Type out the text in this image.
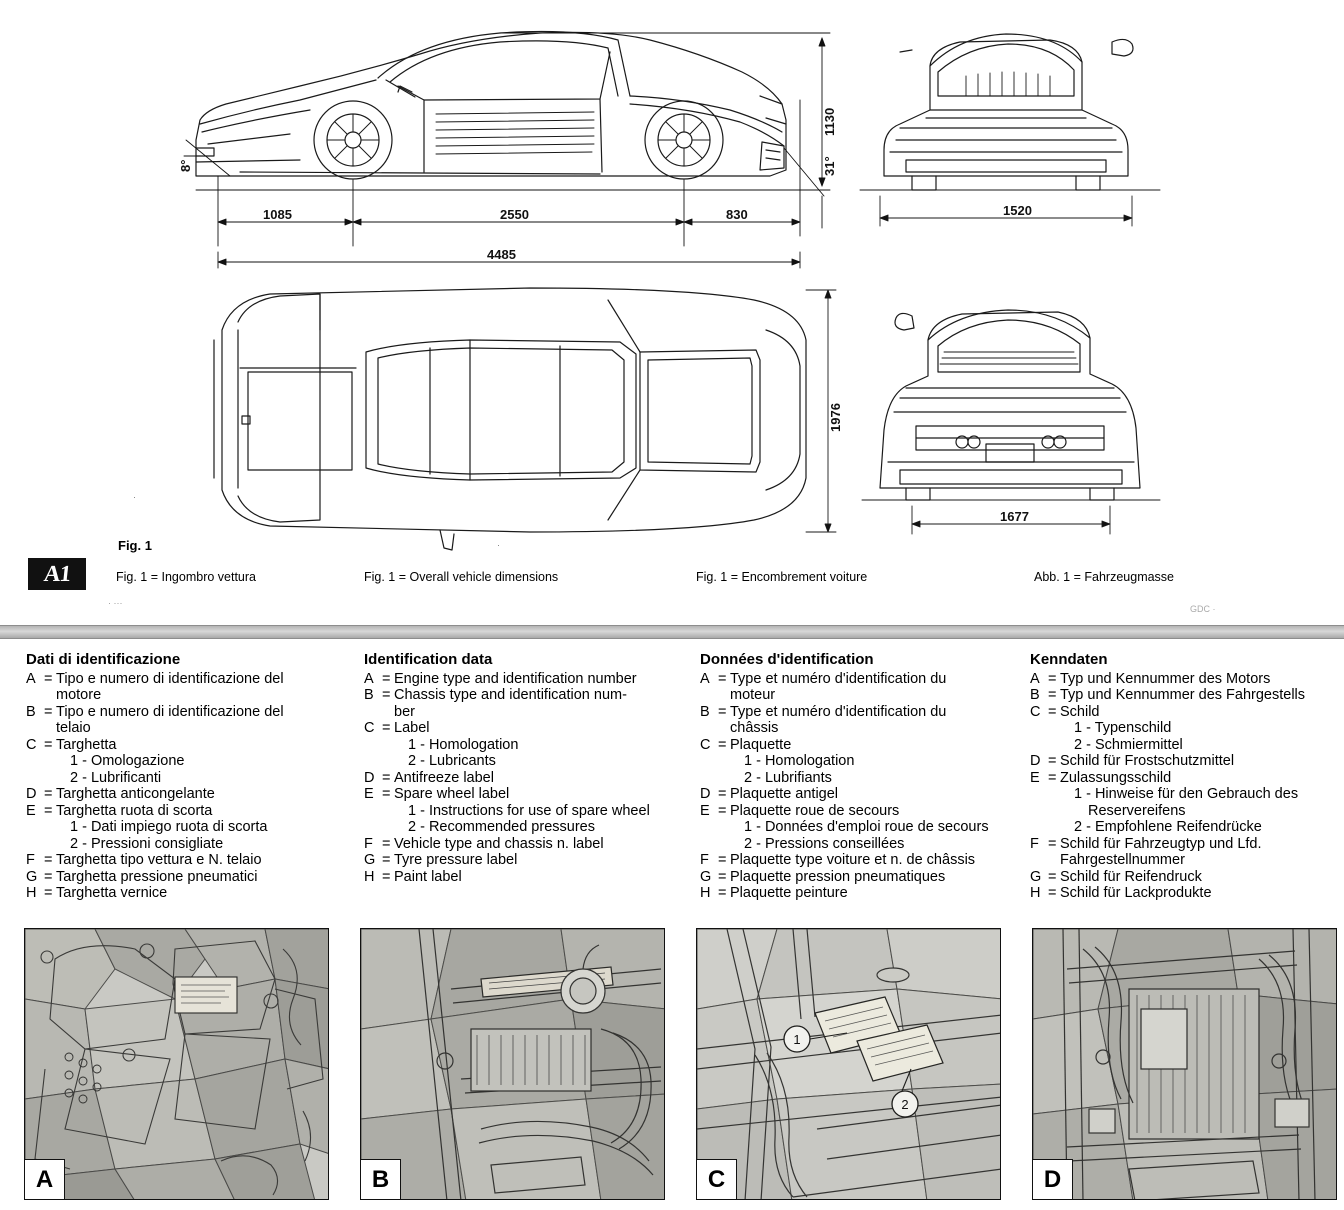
1085	2550	830
4485
1520
1677
1130
31°
8°
1976
Fig. 1
·
·
A1	Fig. 1 = Ingombro vettura	Fig. 1 = Overall vehicle dimensions	Fig. 1 = Encombrement voiture	Abb. 1 = Fahrzeugmasse
· ···
GDC ·
Dati di identificazione
A = Tipo e numero di identificazione del
motore
B = Tipo e numero di identificazione del
telaio
C = Targhetta
1 - Omologazione
2 - Lubrificanti
D = Targhetta anticongelante
E = Targhetta ruota di scorta
1 - Dati impiego ruota di scorta
2 - Pressioni consigliate
F = Targhetta tipo vettura e N. telaio
G = Targhetta pressione pneumatici
H = Targhetta vernice
Identification data
A = Engine type and identification number
B = Chassis type and identification num-
ber
C = Label
1 - Homologation
2 - Lubricants
D = Antifreeze label
E = Spare wheel label
1 - Instructions for use of spare wheel
2 - Recommended pressures
F = Vehicle type and chassis n. label
G = Tyre pressure label
H = Paint label
Données d'identification
A = Type et numéro d'identification du
moteur
B = Type et numéro d'identification du
châssis
C = Plaquette
1 - Homologation
2 - Lubrifiants
D = Plaquette antigel
E = Plaquette roue de secours
1 - Données d'emploi roue de secours
2 - Pressions conseillées
F = Plaquette type voiture et n. de châssis
G = Plaquette pression pneumatiques
H = Plaquette peinture
Kenndaten
A = Typ und Kennummer des Motors
B = Typ und Kennummer des Fahrgestells
C = Schild
1 - Typenschild
2 - Schmiermittel
D = Schild für Frostschutzmittel
E = Zulassungsschild
1 - Hinweise für den Gebrauch des
Reservereifens
2 - Empfohlene Reifendrücke
F = Schild für Fahrzeugtyp und Lfd.
Fahrgestellnummer
G = Schild für Reifendruck
H = Schild für Lackprodukte
A	B
1
2
C	D
